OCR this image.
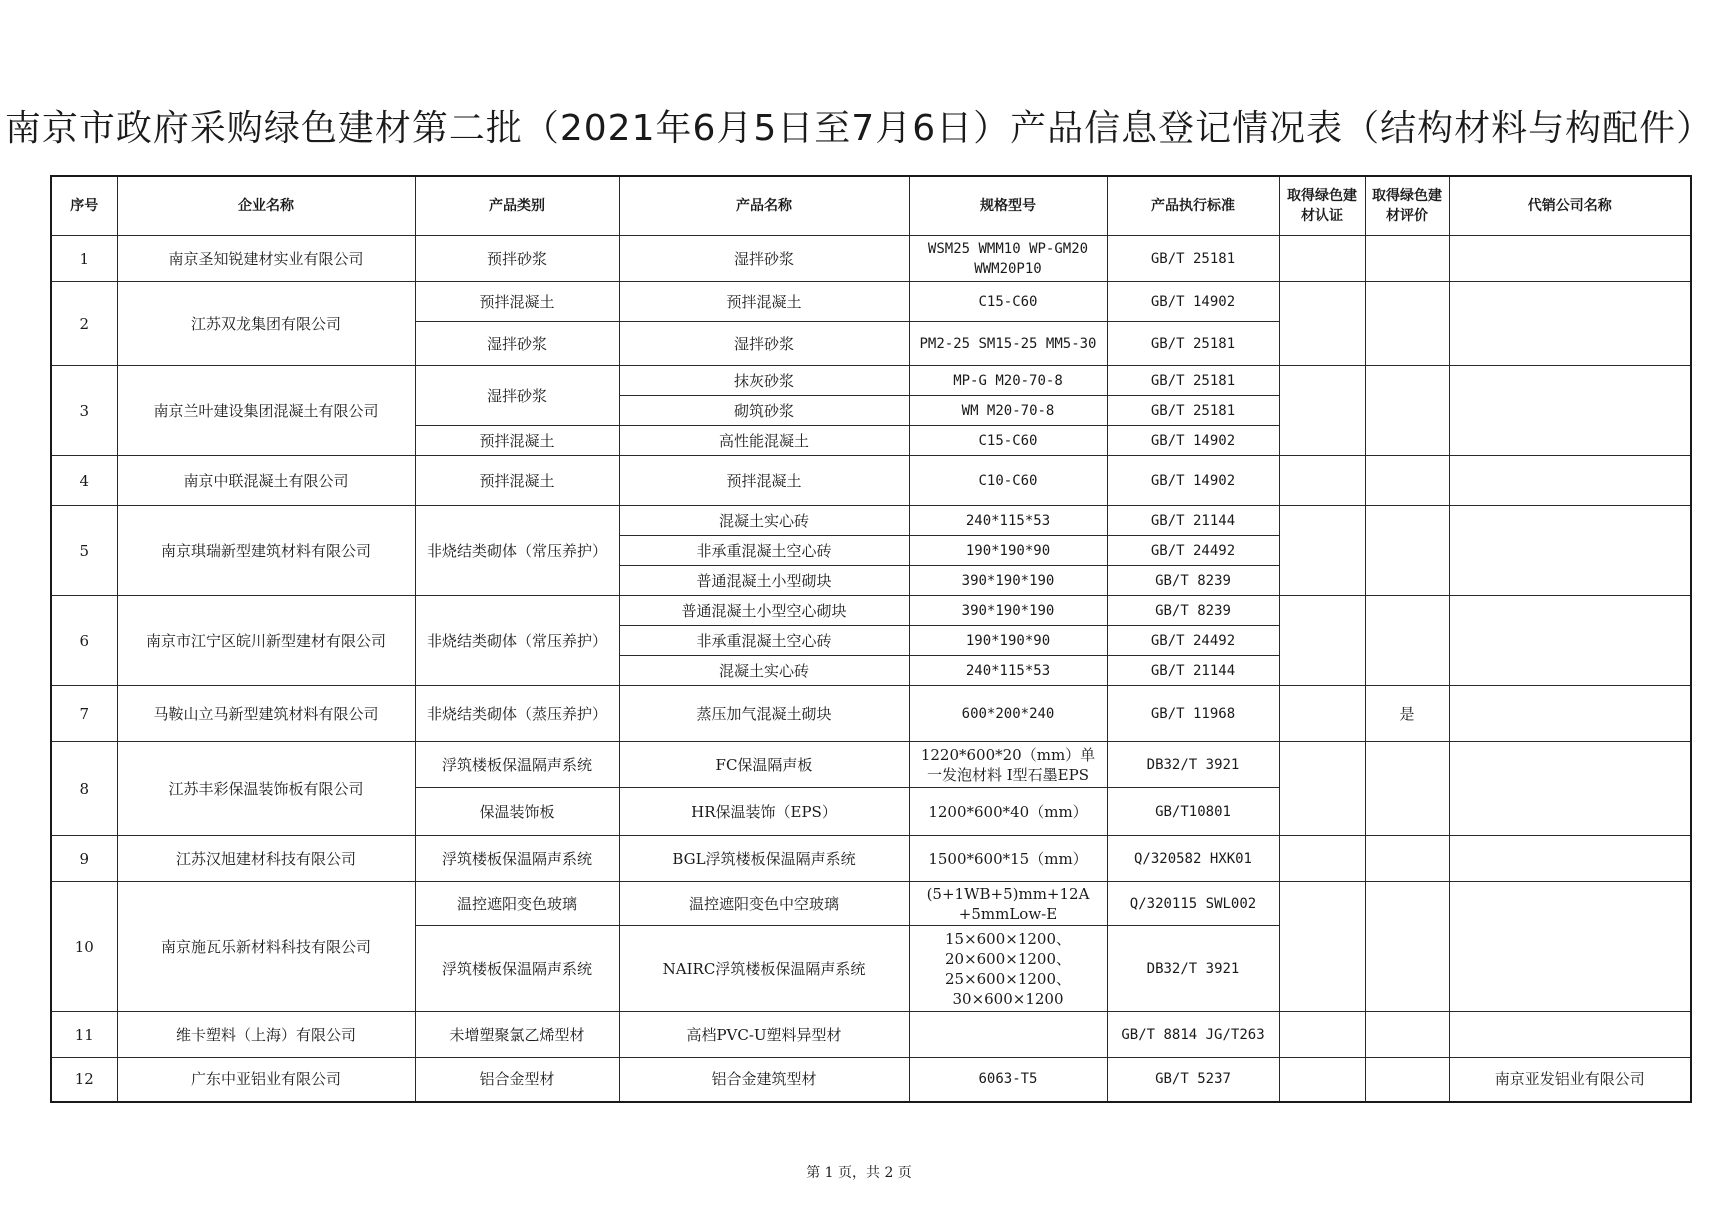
南京市政府采购绿色建材第二批（2021年6月5日至7月6日）产品信息登记情况表（结构材料与构配件）
序号	企业名称	产品类别	产品名称	规格型号	产品执行标准	取得绿色建材认证	取得绿色建材评价	代销公司名称
1	南京圣知锐建材实业有限公司	预拌砂浆	湿拌砂浆	WSM25 WMM10 WP-GM20 WWM20P10	GB/T 25181			
2	江苏双龙集团有限公司	预拌混凝土	预拌混凝土	C15-C60	GB/T 14902			
		湿拌砂浆	湿拌砂浆	PM2-25 SM15-25 MM5-30	GB/T 25181			
3	南京兰叶建设集团混凝土有限公司	湿拌砂浆	抹灰砂浆	MP-G M20-70-8	GB/T 25181			
			砌筑砂浆	WM M20-70-8	GB/T 25181			
		预拌混凝土	高性能混凝土	C15-C60	GB/T 14902			
4	南京中联混凝土有限公司	预拌混凝土	预拌混凝土	C10-C60	GB/T 14902			
5	南京琪瑞新型建筑材料有限公司	非烧结类砌体（常压养护）	混凝土实心砖	240*115*53	GB/T 21144			
			非承重混凝土空心砖	190*190*90	GB/T 24492			
			普通混凝土小型砌块	390*190*190	GB/T 8239			
6	南京市江宁区皖川新型建材有限公司	非烧结类砌体（常压养护）	普通混凝土小型空心砌块	390*190*190	GB/T 8239			
			非承重混凝土空心砖	190*190*90	GB/T 24492			
			混凝土实心砖	240*115*53	GB/T 21144			
7	马鞍山立马新型建筑材料有限公司	非烧结类砌体（蒸压养护）	蒸压加气混凝土砌块	600*200*240	GB/T 11968		是	
8	江苏丰彩保温装饰板有限公司	浮筑楼板保温隔声系统	FC保温隔声板	1220*600*20（mm）单一发泡材料 Ⅰ型石墨EPS	DB32/T 3921			
		保温装饰板	HR保温装饰（EPS）	1200*600*40（mm）	GB/T10801			
9	江苏汉旭建材科技有限公司	浮筑楼板保温隔声系统	BGL浮筑楼板保温隔声系统	1500*600*15（mm）	Q/320582 HXK01			
10	南京施瓦乐新材料科技有限公司	温控遮阳变色玻璃	温控遮阳变色中空玻璃	(5+1WB+5)mm+12A +5mmLow-E	Q/320115 SWL002			
		浮筑楼板保温隔声系统	NAIRC浮筑楼板保温隔声系统	15×600×1200、20×600×1200、25×600×1200、30×600×1200	DB32/T 3921			
11	维卡塑料（上海）有限公司	未增塑聚氯乙烯型材	高档PVC-U塑料异型材		GB/T 8814 JG/T263			
12	广东中亚铝业有限公司	铝合金型材	铝合金建筑型材	6063-T5	GB/T 5237			南京亚发铝业有限公司
第 1 页，共 2 页
